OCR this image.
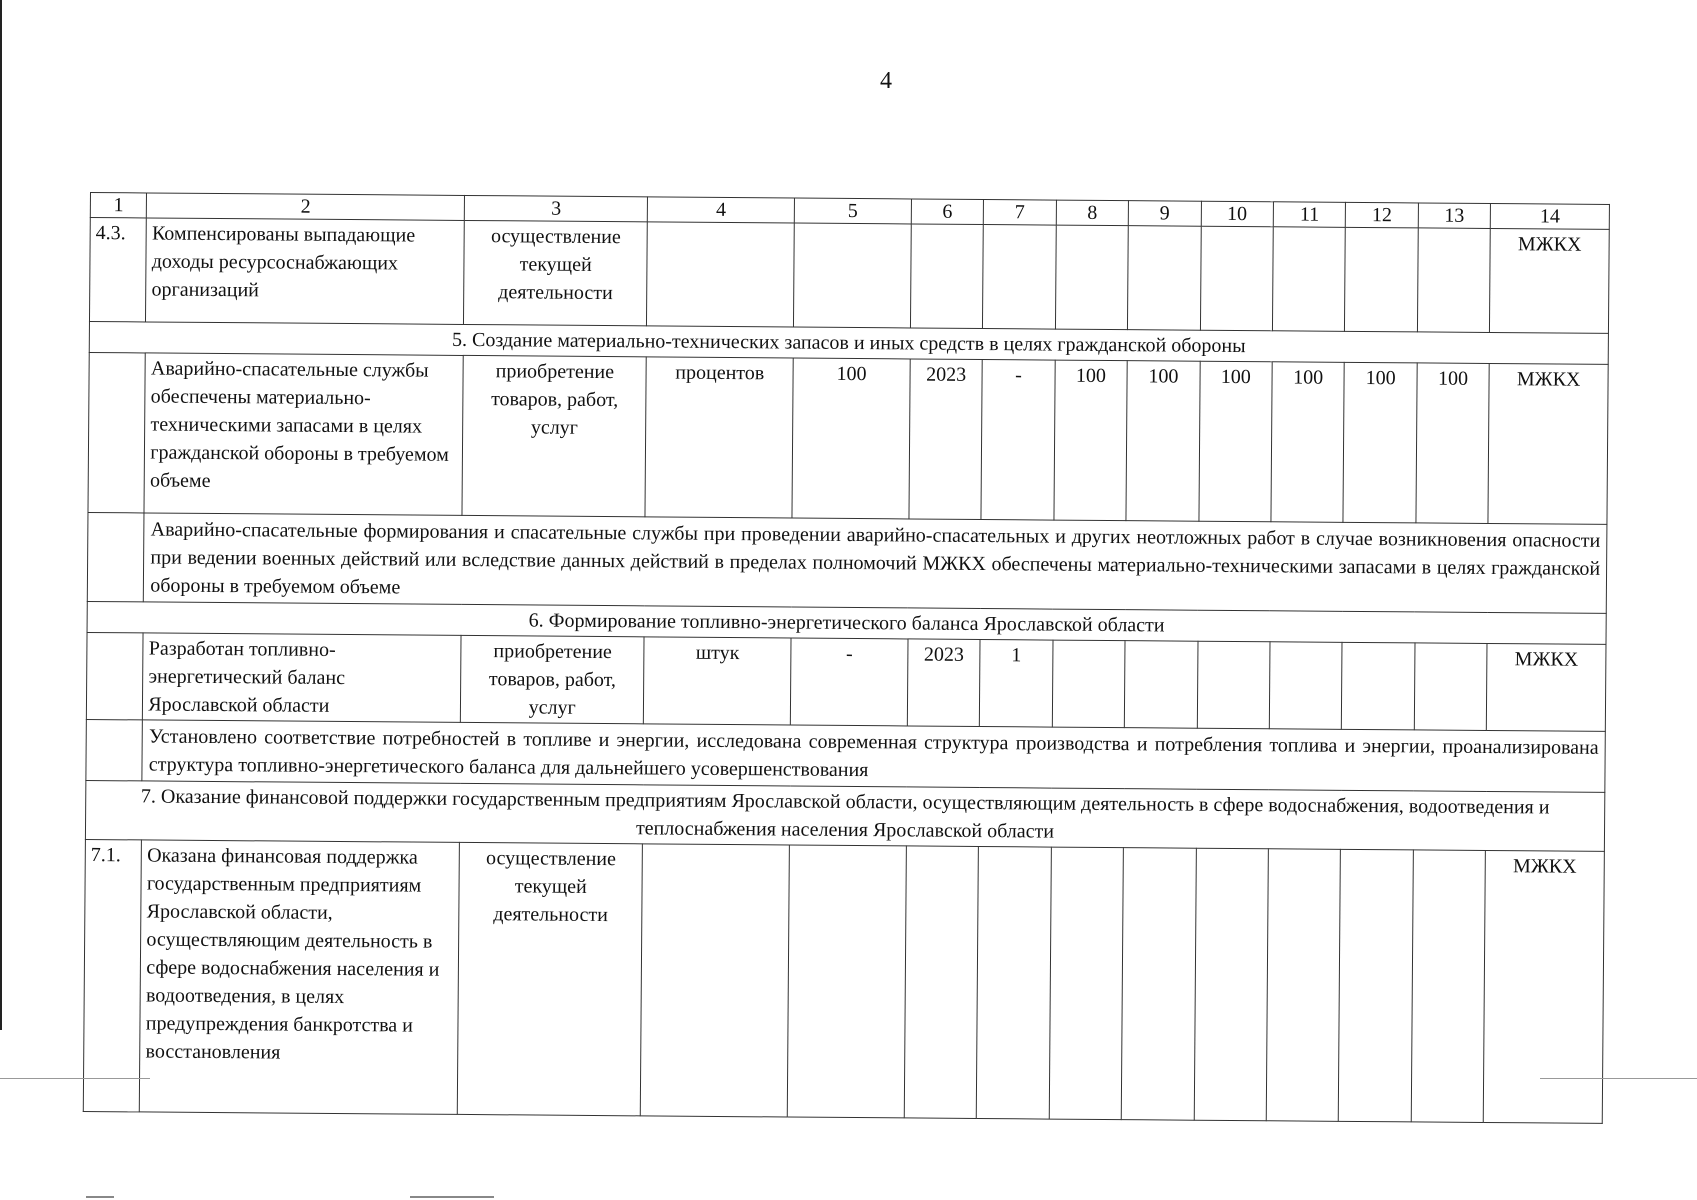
4
1	2	3	4	5	6	7	8	9	10	11	12	13	14
4.3.	Компенсированы выпадающие доходы ресурсоснабжающих организаций	осуществление текущей деятельности											МЖКХ
5. Создание материально-технических запасов и иных средств в целях гражданской обороны													
	Аварийно-спасательные службы обеспечены материально-техническими запасами в целях гражданской обороны в требуемом объеме	приобретение товаров, работ, услуг	процентов	100	2023	-	100	100	100	100	100	100	МЖКХ
	Аварийно-спасательные формирования и спасательные службы при проведении аварийно-спасательных и других неотложных работ в случае возникновения опасности при ведении военных действий или вследствие данных действий в пределах полномочий МЖКХ обеспечены материально-техническими запасами в целях гражданской обороны в требуемом объеме												
6. Формирование топливно-энергетического баланса Ярославской области													
	Разработан топливно-энергетический баланс Ярославской области	приобретение товаров, работ, услуг	штук	-	2023	1							МЖКХ
	Установлено соответствие потребностей в топливе и энергии, исследована современная структура производства и потребления топлива и энергии, проанализирована структура топливно-энергетического баланса для дальнейшего усовершенствования												
7. Оказание финансовой поддержки государственным предприятиям Ярославской области, осуществляющим деятельность в сфере водоснабжения, водоотведения и теплоснабжения населения Ярославской области													
7.1.	Оказана финансовая поддержка государственным предприятиям Ярославской области, осуществляющим деятельность в сфере водоснабжения населения и водоотведения, в целях предупреждения банкротства и восстановления	осуществление текущей деятельности											МЖКХ
